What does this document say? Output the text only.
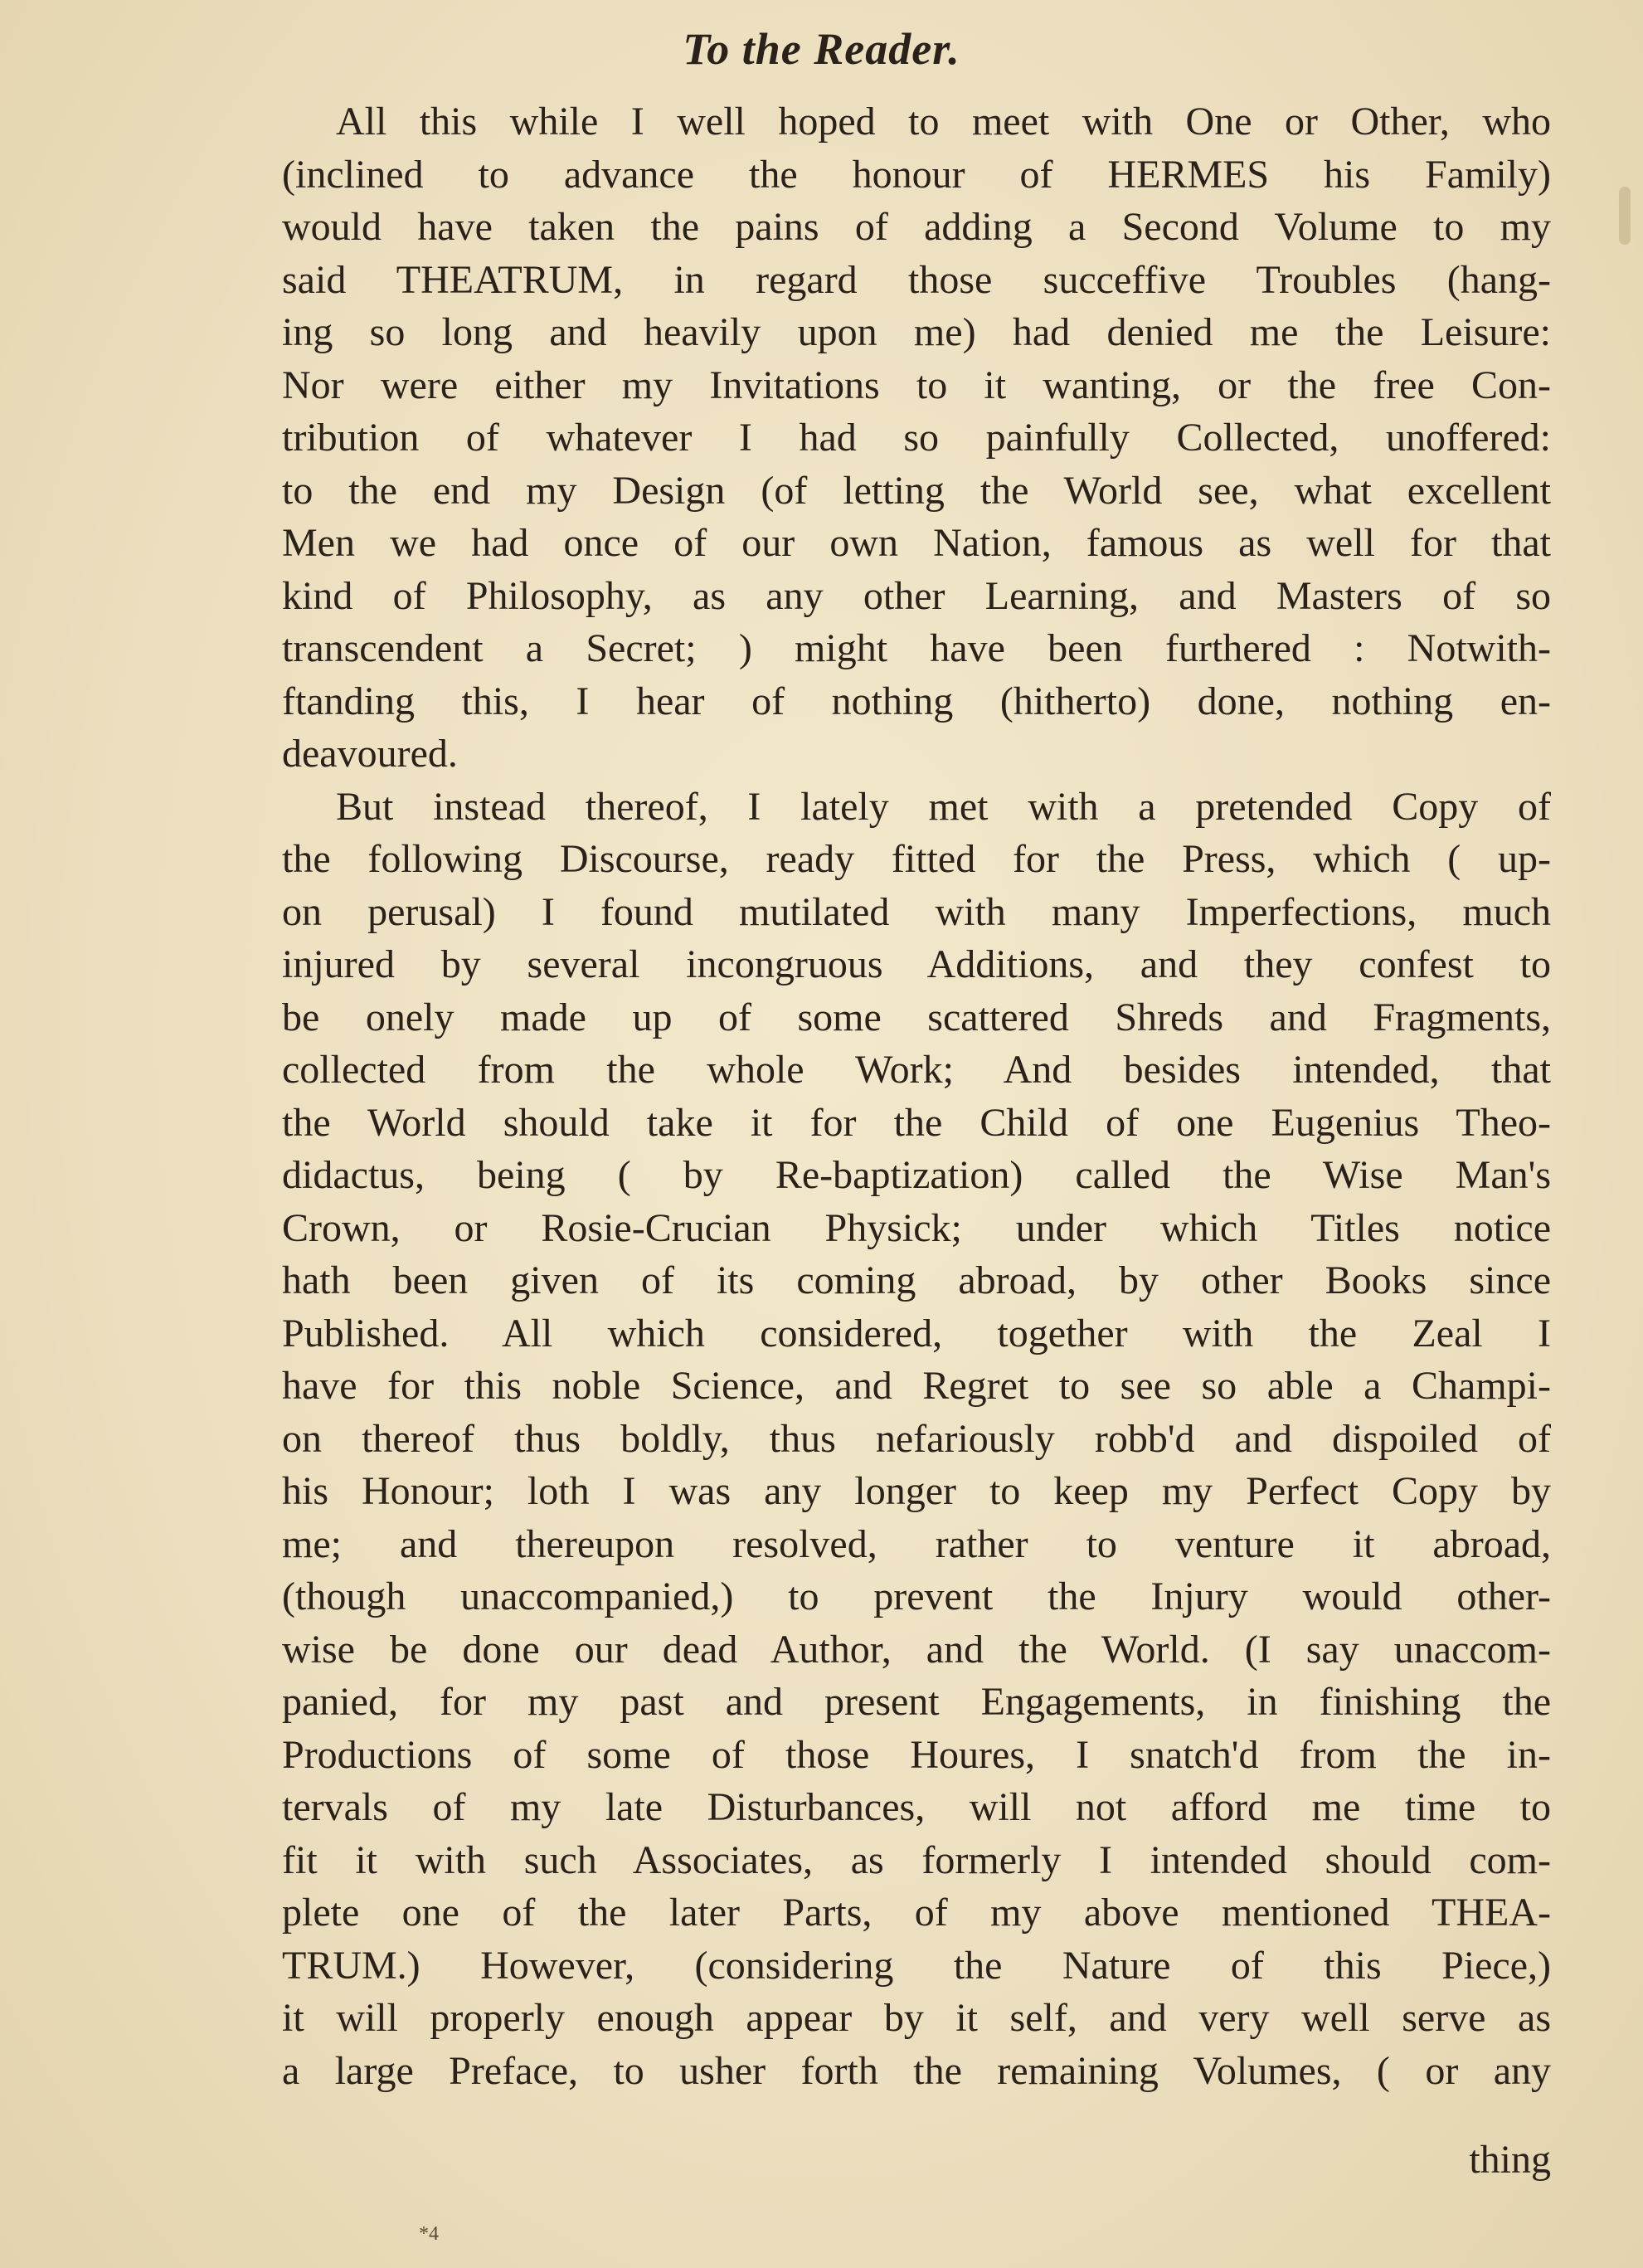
​
To the Reader.
All this while I well hoped to meet with One or Other, who
(inclined to advance the honour of HERMES his Family)
would have taken the pains of adding a Second Volume to my
said THEATRUM, in regard those succeffive Troubles (hang-
ing so long and heavily upon me) had denied me the Leisure:
Nor were either my Invitations to it wanting, or the free Con-
tribution of whatever I had so painfully Collected, unoffered:
to the end my Design (of letting the World see, what excellent
Men we had once of our own Nation, famous as well for that
kind of Philosophy, as any other Learning, and Masters of so
transcendent a Secret; ) might have been furthered : Notwith-
ftanding this, I hear of nothing (hitherto) done, nothing en-
deavoured.
But instead thereof, I lately met with a pretended Copy of
the following Discourse, ready fitted for the Press, which ( up-
on perusal) I found mutilated with many Imperfections, much
injured by several incongruous Additions, and they confest to
be onely made up of some scattered Shreds and Fragments,
collected from the whole Work; And besides intended, that
the World should take it for the Child of one Eugenius Theo-
didactus, being ( by Re-baptization) called the Wise Man's
Crown, or Rosie-Crucian Physick; under which Titles notice
hath been given of its coming abroad, by other Books since
Published. All which considered, together with the Zeal I
have for this noble Science, and Regret to see so able a Champi-
on thereof thus boldly, thus nefariously robb'd and dispoiled of
his Honour; loth I was any longer to keep my Perfect Copy by
me; and thereupon resolved, rather to venture it abroad,
(though unaccompanied,) to prevent the Injury would other-
wise be done our dead Author, and the World. (I say unaccom-
panied, for my past and present Engagements, in finishing the
Productions of some of those Houres, I snatch'd from the in-
tervals of my late Disturbances, will not afford me time to
fit it with such Associates, as formerly I intended should com-
plete one of the later Parts, of my above mentioned THEA-
TRUM.) However, (considering the Nature of this Piece,)
it will properly enough appear by it self, and very well serve as
a large Preface, to usher forth the remaining Volumes, ( or any
thing
*4
